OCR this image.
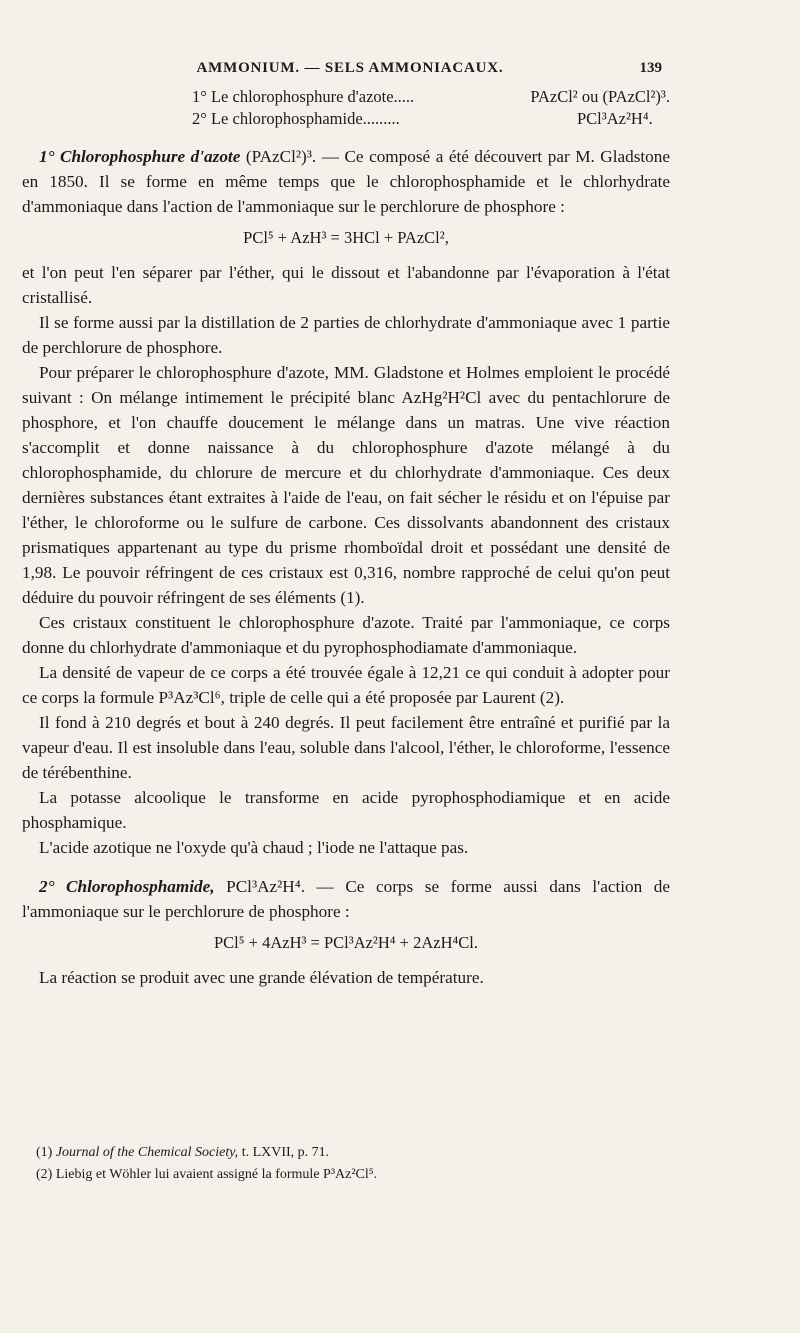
AMMONIUM. — SELS AMMONIACAUX.	139
1° Le chlorophosphure d'azote.....	PAzCl² ou (PAzCl²)³.
2° Le chlorophosphamide.........	PCl³Az²H⁴.

1° Chlorophosphure d'azote (PAzCl²)³. — Ce composé a été découvert par M. Gladstone en 1850. Il se forme en même temps que le chlorophosphamide et le chlorhydrate d'ammoniaque dans l'action de l'ammoniaque sur le perchlorure de phosphore :

PCl⁵ + AzH³ = 3HCl + PAzCl²,

et l'on peut l'en séparer par l'éther, qui le dissout et l'abandonne par l'évaporation à l'état cristallisé.

Il se forme aussi par la distillation de 2 parties de chlorhydrate d'ammoniaque avec 1 partie de perchlorure de phosphore.

Pour préparer le chlorophosphure d'azote, MM. Gladstone et Holmes emploient le procédé suivant : On mélange intimement le précipité blanc AzHg²H²Cl avec du pentachlorure de phosphore, et l'on chauffe doucement le mélange dans un matras. Une vive réaction s'accomplit et donne naissance à du chlorophosphure d'azote mélangé à du chlorophosphamide, du chlorure de mercure et du chlorhydrate d'ammoniaque. Ces deux dernières substances étant extraites à l'aide de l'eau, on fait sécher le résidu et on l'épuise par l'éther, le chloroforme ou le sulfure de carbone. Ces dissolvants abandonnent des cristaux prismatiques appartenant au type du prisme rhomboïdal droit et possédant une densité de 1,98. Le pouvoir réfringent de ces cristaux est 0,316, nombre rapproché de celui qu'on peut déduire du pouvoir réfringent de ses éléments (1).

Ces cristaux constituent le chlorophosphure d'azote. Traité par l'ammoniaque, ce corps donne du chlorhydrate d'ammoniaque et du pyrophosphodiamate d'ammoniaque.

La densité de vapeur de ce corps a été trouvée égale à 12,21 ce qui conduit à adopter pour ce corps la formule P³Az³Cl⁶, triple de celle qui a été proposée par Laurent (2).

Il fond à 210 degrés et bout à 240 degrés. Il peut facilement être entraîné et purifié par la vapeur d'eau. Il est insoluble dans l'eau, soluble dans l'alcool, l'éther, le chloroforme, l'essence de térébenthine.

La potasse alcoolique le transforme en acide pyrophosphodiamique et en acide phosphamique.

L'acide azotique ne l'oxyde qu'à chaud ; l'iode ne l'attaque pas.

2° Chlorophosphamide, PCl³Az²H⁴. — Ce corps se forme aussi dans l'action de l'ammoniaque sur le perchlorure de phosphore :

PCl⁵ + 4AzH³ = PCl³Az²H⁴ + 2AzH⁴Cl.

La réaction se produit avec une grande élévation de température.

(1) Journal of the Chemical Society, t. LXVII, p. 71.

(2) Liebig et Wöhler lui avaient assigné la formule P³Az²Cl⁵.
